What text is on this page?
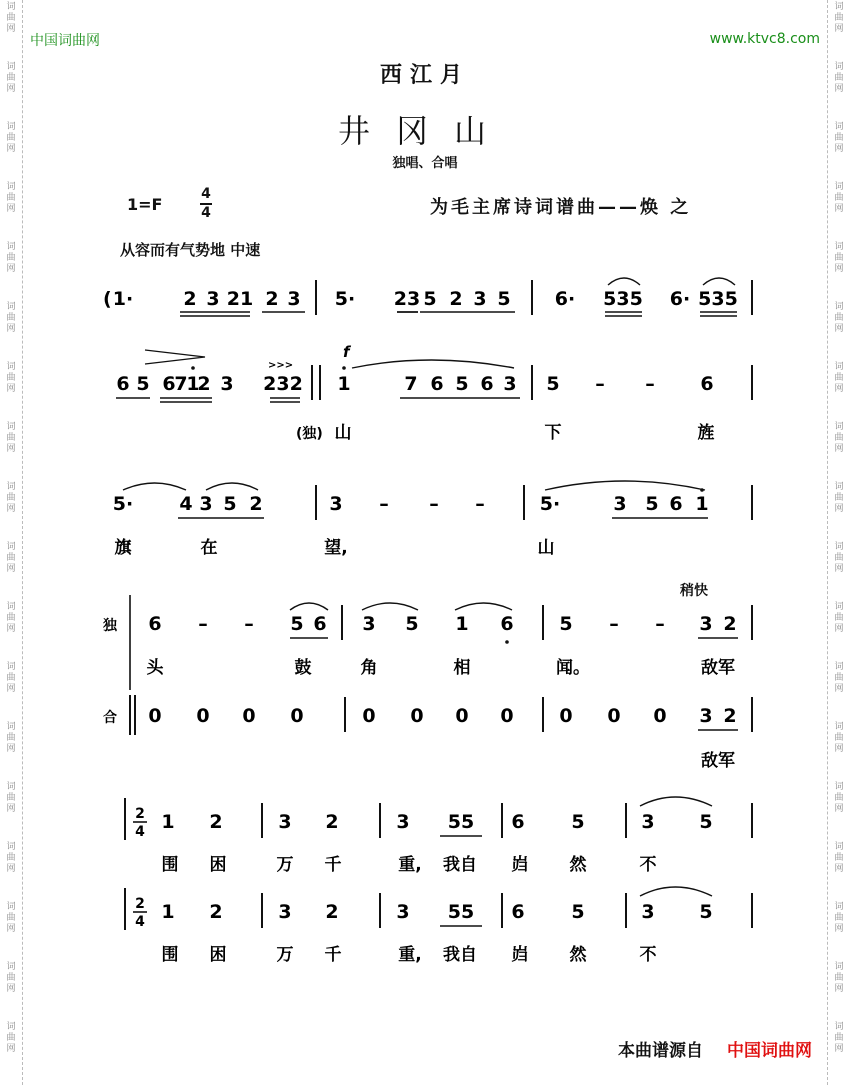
词
曲
网
词
曲
网
词
曲
网
词
曲
网
词
曲
网
词
曲
网
词
曲
网
词
曲
网
词
曲
网
词
曲
网
词
曲
网
词
曲
网
词
曲
网
词
曲
网
词
曲
网
词
曲
网
词
曲
网
词
曲
网
词
曲
网
词
曲
网
词
曲
网
词
曲
网
词
曲
网
词
曲
网
词
曲
网
词
曲
网
词
曲
网
词
曲
网
词
曲
网
词
曲
网
词
曲
网
词
曲
网
词
曲
网
词
曲
网
词
曲
网
词
曲
网
中国词曲网	www.ktvc8.com
西江月
井冈山
独唱、合唱
1=F
4
4	为毛主席诗词谱曲——焕 之
从容而有气势地 中速
稍快
( 1·	2 3 21 2 3 5· 23 5 2 3 5 6· 535 6· 535
6 5 6
7
1
2 3 232 1	7 6 5 6 3 5 – – 6
>>>
f
(独) 山	下	旌
5· 4 3 5 2	3 – – –	5·	3 5 6 1
旗	在	望,	山
独 6 – – 5 6 3 5 1 6 5 – – 3 2
头	鼓	角	相	闻。	敌军
合 0 0 0 0	0 0 0 0 0 0 0 3 2
敌军
2
4 1 2	3 2	3 55 6 5	3 5
围 困	万 千	重, 我自 岿 然	不
2
4 1 2	3 2	3 55 6 5	3 5
围 困	万 千	重, 我自 岿 然	不
本曲谱源自 中国词曲网
